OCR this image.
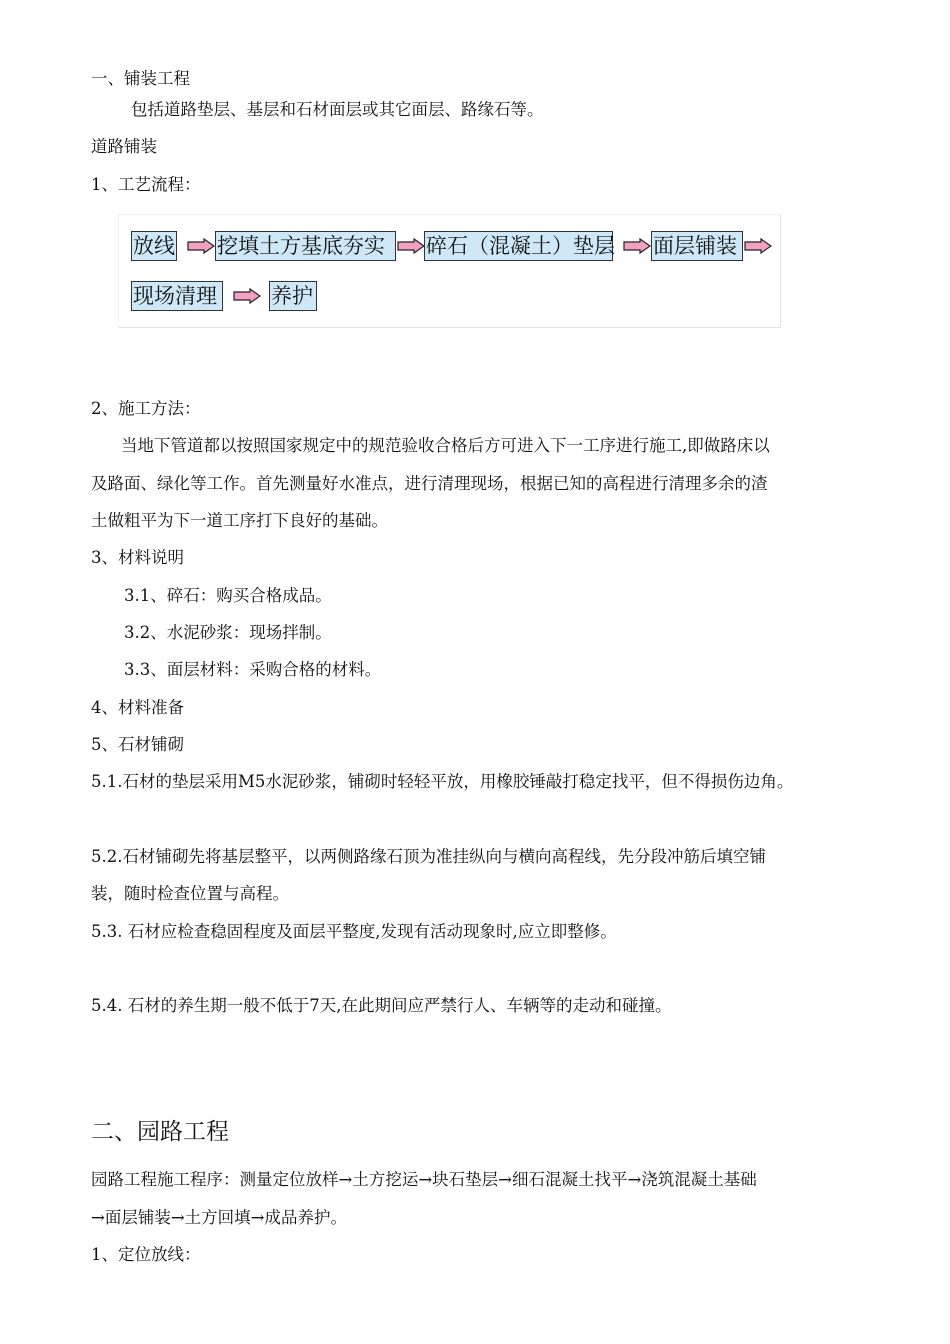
一、铺装工程
包括道路垫层、基层和石材面层或其它面层、路缘石等。
道路铺装
1、工艺流程：
放线 挖填土方基底夯实	碎石（混凝土）垫层 面层铺装
现场清理	养护
2、施工方法：
当地下管道都以按照国家规定中的规范验收合格后方可进入下一工序进行施工,即做路床以
及路面、绿化等工作。首先测量好水准点，进行清理现场，根据已知的高程进行清理多余的渣
土做粗平为下一道工序打下良好的基础。
3、材料说明
3.1、碎石：购买合格成品。
3.2、水泥砂浆：现场拌制。
3.3、面层材料：采购合格的材料。
4、材料准备
5、石材铺砌
5.1.石材的垫层采用M5水泥砂浆，铺砌时轻轻平放，用橡胶锤敲打稳定找平，但不得损伤边角。
5.2.石材铺砌先将基层整平，以两侧路缘石顶为准挂纵向与横向高程线，先分段冲筋后填空铺
装，随时检查位置与高程。
5.3. 石材应检查稳固程度及面层平整度,发现有活动现象时,应立即整修。
5.4. 石材的养生期一般不低于7天,在此期间应严禁行人、车辆等的走动和碰撞。
二、园路工程
园路工程施工程序：测量定位放样→土方挖运→块石垫层→细石混凝土找平→浇筑混凝土基础
→面层铺装→土方回填→成品养护。
1、定位放线：
